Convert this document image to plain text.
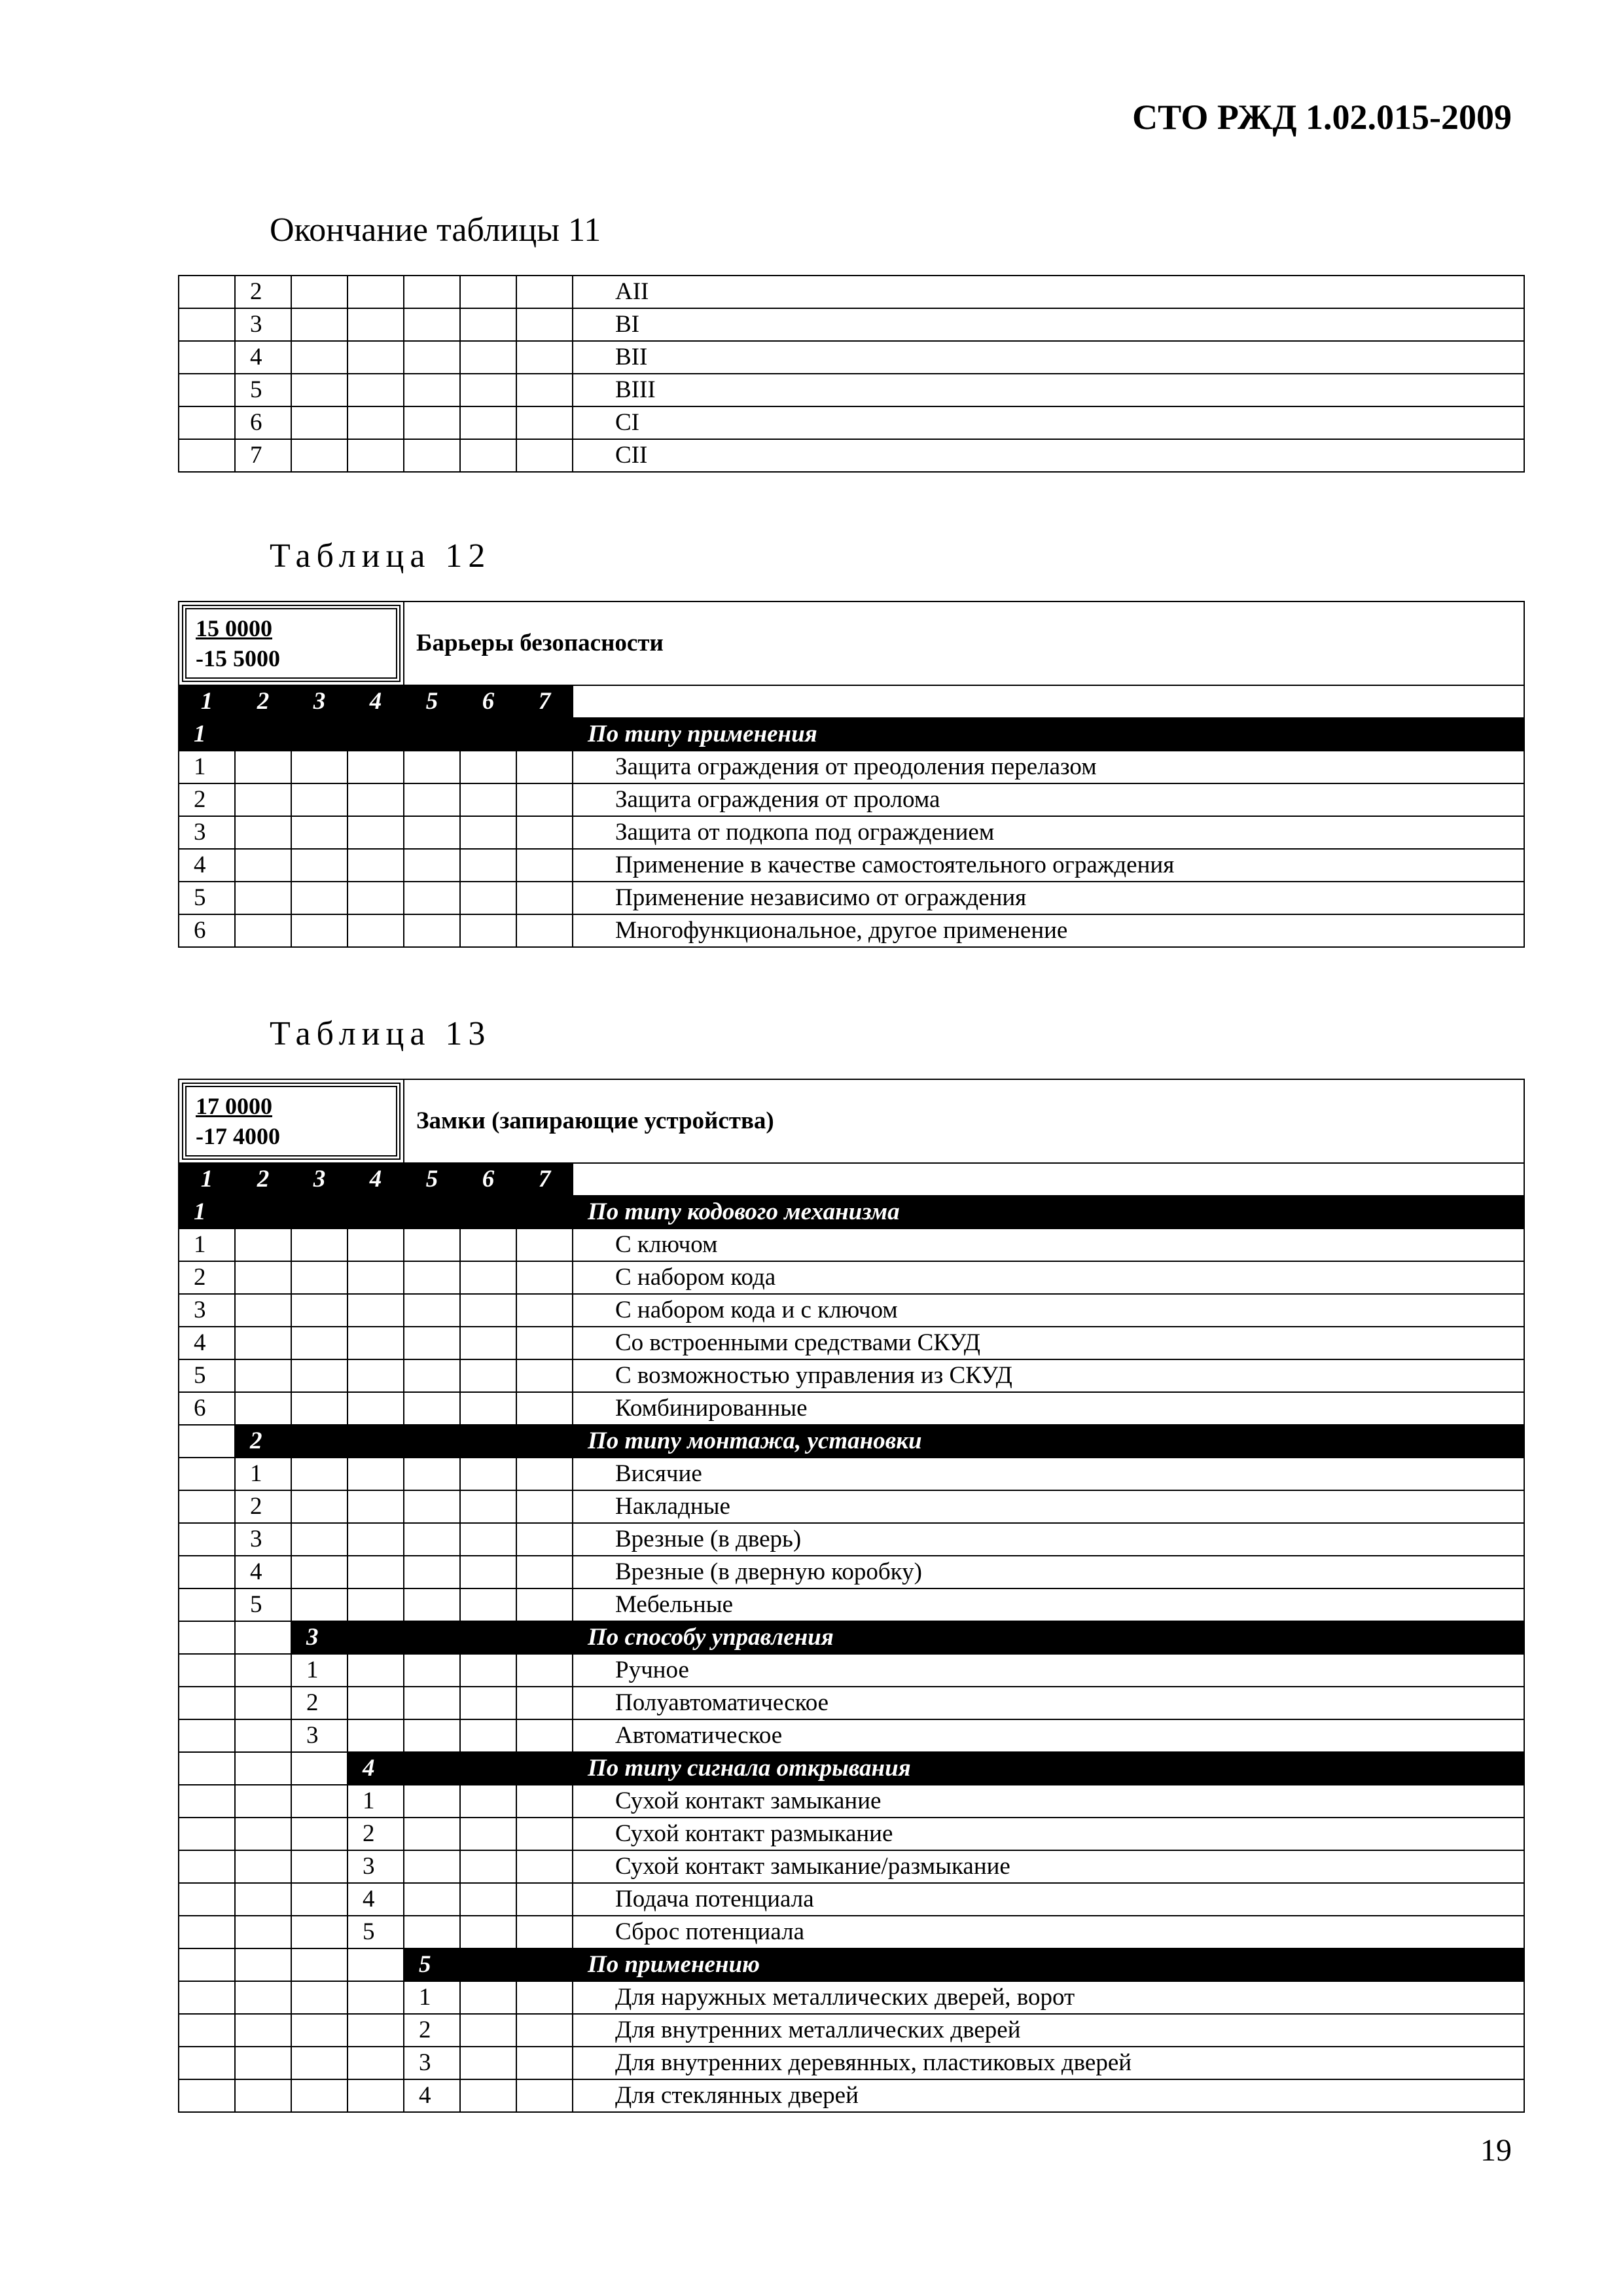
СТО РЖД 1.02.015-2009
Окончание таблицы 11
	2						AII
	3						BI
	4						BII
	5						BIII
	6						CI
	7						CII
Таблица 12
15 0000
-15 5000				Барьеры безопасности			
1	2	3	4	5	6	7	
1							По типу применения
1							Защита ограждения от преодоления перелазом
2							Защита ограждения от пролома
3							Защита от подкопа под ограждением
4							Применение в качестве самостоятельного ограждения
5							Применение независимо от ограждения
6							Многофункциональное, другое применение
Таблица 13
17 0000
-17 4000				Замки (запирающие устройства)			
1	2	3	4	5	6	7	
1							По типу кодового механизма
1							С ключом
2							С набором кода
3							С набором кода и с ключом
4							Со встроенными средствами СКУД
5							С возможностью управления из СКУД
6							Комбинированные
	2						По типу монтажа, установки
	1						Висячие
	2						Накладные
	3						Врезные (в дверь)
	4						Врезные (в дверную коробку)
	5						Мебельные
		3					По способу управления
		1					Ручное
		2					Полуавтоматическое
		3					Автоматическое
			4				По типу сигнала открывания
			1				Сухой контакт замыкание
			2				Сухой контакт размыкание
			3				Сухой контакт замыкание/размыкание
			4				Подача потенциала
			5				Сброс потенциала
				5			По применению
				1			Для наружных металлических дверей, ворот
				2			Для внутренних металлических дверей
				3			Для внутренних деревянных, пластиковых дверей
				4			Для стеклянных дверей
19
